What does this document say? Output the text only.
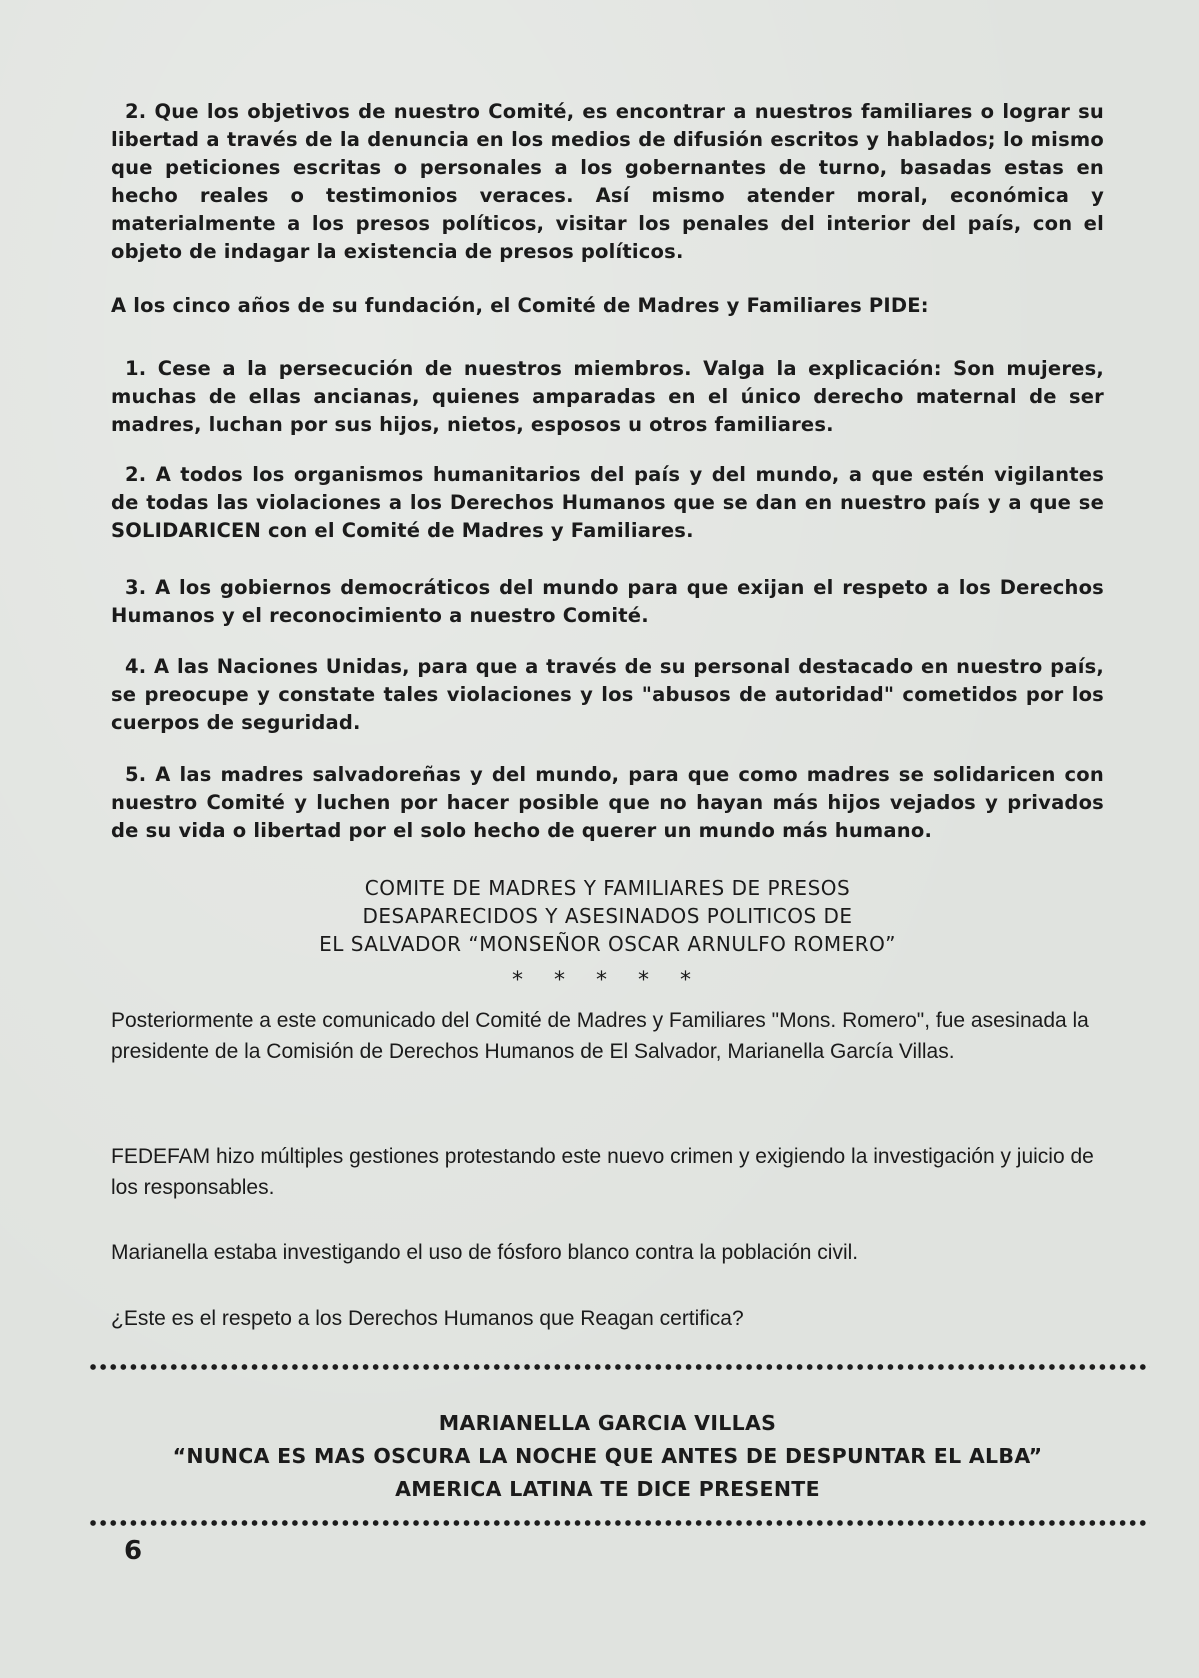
2. Que los objetivos de nuestro Comité, es encontrar a nuestros familiares o lograr su libertad a través de la denuncia en los medios de difusión escritos y hablados; lo mismo que peticiones escritas o personales a los gobernantes de turno, basadas estas en hecho reales o testimonios veraces. Así mismo atender moral, económica y materialmente a los presos políticos, visitar los penales del interior del país, con el objeto de indagar la existencia de presos políticos.

A los cinco años de su fundación, el Comité de Madres y Familiares PIDE:

1. Cese a la persecución de nuestros miembros. Valga la explicación: Son mujeres, muchas de ellas ancianas, quienes amparadas en el único derecho maternal de ser madres, luchan por sus hijos, nietos, esposos u otros familiares.

2. A todos los organismos humanitarios del país y del mundo, a que estén vigilantes de todas las violaciones a los Derechos Humanos que se dan en nuestro país y a que se SOLIDARICEN con el Comité de Madres y Familiares.

3. A los gobiernos democráticos del mundo para que exijan el respeto a los Derechos Humanos y el reconocimiento a nuestro Comité.

4. A las Naciones Unidas, para que a través de su personal destacado en nuestro país, se preocupe y constate tales violaciones y los "abusos de autoridad" cometidos por los cuerpos de seguridad.

5. A las madres salvadoreñas y del mundo, para que como madres se solidaricen con nuestro Comité y luchen por hacer posible que no hayan más hijos vejados y privados de su vida o libertad por el solo hecho de querer un mundo más humano.

COMITE DE MADRES Y FAMILIARES DE PRESOS

DESAPARECIDOS Y ASESINADOS POLITICOS DE

EL SALVADOR “MONSEÑOR OSCAR ARNULFO ROMERO”

* * * * *

Posteriormente a este comunicado del Comité de Madres y Familiares "Mons. Romero", fue asesinada la presidente de la Comisión de Derechos Humanos de El Salvador, Marianella García Villas.

FEDEFAM hizo múltiples gestiones protestando este nuevo crimen y exigiendo la investigación y juicio de los responsables.

Marianella estaba investigando el uso de fósforo blanco contra la población civil.

¿Este es el respeto a los Derechos Humanos que Reagan certifica?

MARIANELLA GARCIA VILLAS

“NUNCA ES MAS OSCURA LA NOCHE QUE ANTES DE DESPUNTAR EL ALBA”

AMERICA LATINA TE DICE PRESENTE

6
